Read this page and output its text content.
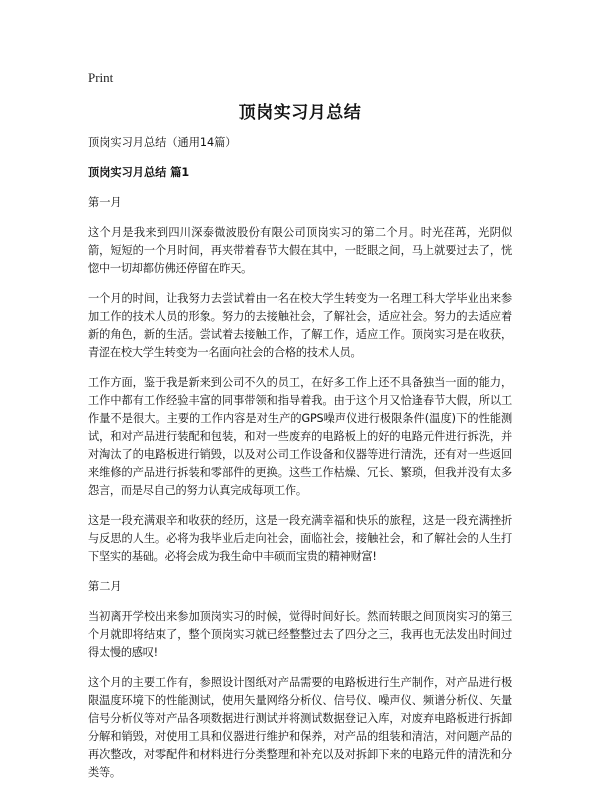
Print
顶岗实习月总结
顶岗实习月总结（通用14篇）
顶岗实习月总结 篇1
第一月

这个月是我来到四川深泰微波股份有限公司顶岗实习的第二个月。时光荏苒，光阴似箭，短短的一个月时间，再夹带着春节大假在其中，一眨眼之间，马上就要过去了，恍惚中一切却都仿佛还停留在昨天。

一个月的时间，让我努力去尝试着由一名在校大学生转变为一名理工科大学毕业出来参加工作的技术人员的形象。努力的去接触社会，了解社会，适应社会。努力的去适应着新的角色，新的生活。尝试着去接触工作，了解工作，适应工作。顶岗实习是在收获，青涩在校大学生转变为一名面向社会的合格的技术人员。

工作方面，鉴于我是新来到公司不久的员工，在好多工作上还不具备独当一面的能力，工作中都有工作经验丰富的同事带领和指导着我。由于这个月又恰逢春节大假，所以工作量不是很大。主要的工作内容是对生产的GPS噪声仪进行极限条件(温度)下的性能测试，和对产品进行装配和包装，和对一些废弃的电路板上的好的电路元件进行拆洗，并对淘汰了的电路板进行销毁，以及对公司工作设备和仪器等进行清洗，还有对一些返回来维修的产品进行拆装和零部件的更换。这些工作枯燥、冗长、繁琐，但我并没有太多怨言，而是尽自己的努力认真完成每项工作。

这是一段充满艰辛和收获的经历，这是一段充满幸福和快乐的旅程，这是一段充满挫折与反思的人生。必将为我毕业后走向社会，面临社会，接触社会，和了解社会的人生打下坚实的基础。必将会成为我生命中丰硕而宝贵的精神财富!

第二月

当初离开学校出来参加顶岗实习的时候，觉得时间好长。然而转眼之间顶岗实习的第三个月就即将结束了，整个顶岗实习就已经整整过去了四分之三，我再也无法发出时间过得太慢的感叹!

这个月的主要工作有，参照设计图纸对产品需要的电路板进行生产制作，对产品进行极限温度环境下的性能测试，使用矢量网络分析仪、信号仪、噪声仪、频谱分析仪、矢量信号分析仪等对产品各项数据进行测试并将测试数据登记入库，对废弃电路板进行拆卸分解和销毁，对使用工具和仪器进行维护和保养，对产品的组装和清洁，对问题产品的再次整改，对零配件和材料进行分类整理和补充以及对拆卸下来的电路元件的清洗和分类等。
